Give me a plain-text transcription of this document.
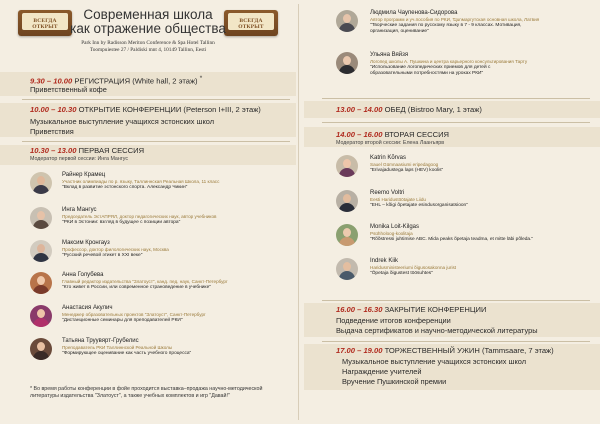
ВСЕГДА ОТКРЫТ
ВСЕГДА ОТКРЫТ
Современная школа
как отражение общества
Park Inn by Radisson Meriton Conference & Spa Hotel Tallinn
Toompuiestee 27 / Paldiski mnt 4, 10149 Tallinn, Eesti
9.30 – 10.00 РЕГИСТРАЦИЯ (White hall, 2 этаж) *
Приветственный кофе
10.00 – 10.30 ОТКРЫТИЕ КОНФЕРЕНЦИИ (Peterson I+III, 2 этаж)
Музыкальное выступление учащихся эстонских школ
Приветствия
10.30 – 13.00 ПЕРВАЯ СЕССИЯ
Модератор первой сессии: Инга Мангус
Райнер Крамец
Участник олимпиады по р. языку, Таллиннская Реальная Школа, 11 класс
"Вклад в развитие эстонского спорта. Александр Чикин"
Инга Мангус
Председатель ЭстАПРЯЛ, доктор педагогических наук, автор учебников
"РКИ в Эстонии: взгляд в будущее с позиции автора"
Максим Кронгауз
Профессор, доктор филологических наук, Москва
"Русский речевой этикет в XXI веке"
Анна Голубева
Главный редактор издательства "Златоуст", канд. пед. наук, Санкт-Петербург
"Кто живет в России, или современное страноведение в учебнике"
Анастасия Акулич
Менеджер образовательных проектов "Златоуст", Санкт-Петербург
"Дистанционные семинары для преподавателей РКИ"
Татьяна Труувярт-Грубелис
Преподаватель РКИ Таллиннской Реальной Школы
"Формирующее оценивание как часть учебного процесса"
* Во время работы конференции в фойе проходится выставка–продажа научно-методической литературы издательства "Златоуст", а также учебных комплектов и игр "Давай!"
Людмила Чаупенова-Сидорова
Автор программ и уч.пособия по РКИ, Ҵunмаргутская основная школа, Латвия
"Творческие задания по русскому языку в 7 - 9 классах. Мотивация,
организация, оценивание"
Ульяна Вяйзя
Логопед школы А. Пушкина и центра карьерного консультирования Тарту
"Использование логопедических приемов для детей с
образовательными потребностями на уроках РКИ"
13.00 – 14.00 ОБЕД (Bistroo Mary, 1 этаж)
14.00 – 16.00 ВТОРАЯ СЕССИЯ
Модератор второй сессии: Елена Лаанъярв
Katrin Kõrvas
Sauel Gümnaasiumi eripedagoog
"Erivajadustega laps (HEV) koolis"
Reemo Voltri
Eesti Haridustöötajate Liidu
"EHL – kõigi õpetajate esindusorganisatsioon"
Monika Loit-Kilgas
Psühholoog-koolitaja
"Rõõstressi juhtimise ABC. Mida peaks õpetaja teadma, et mitte läbi põleda."
Indrek Kiik
Haridusministeeriumi õigusosakonna jurist
"Õpetaja õigustest töösuhtes"
16.00 – 16.30 ЗАКРЫТИЕ КОНФЕРЕНЦИИ
Подведение итогов конференции
Выдача сертификатов и научно-методической литературы
17.00 – 19.00 ТОРЖЕСТВЕННЫЙ УЖИН (Tammsaare, 7 этаж)
Музыкальное выступление учащихся эстонских школ
Награждение учителей
Вручение Пушкинской премии
